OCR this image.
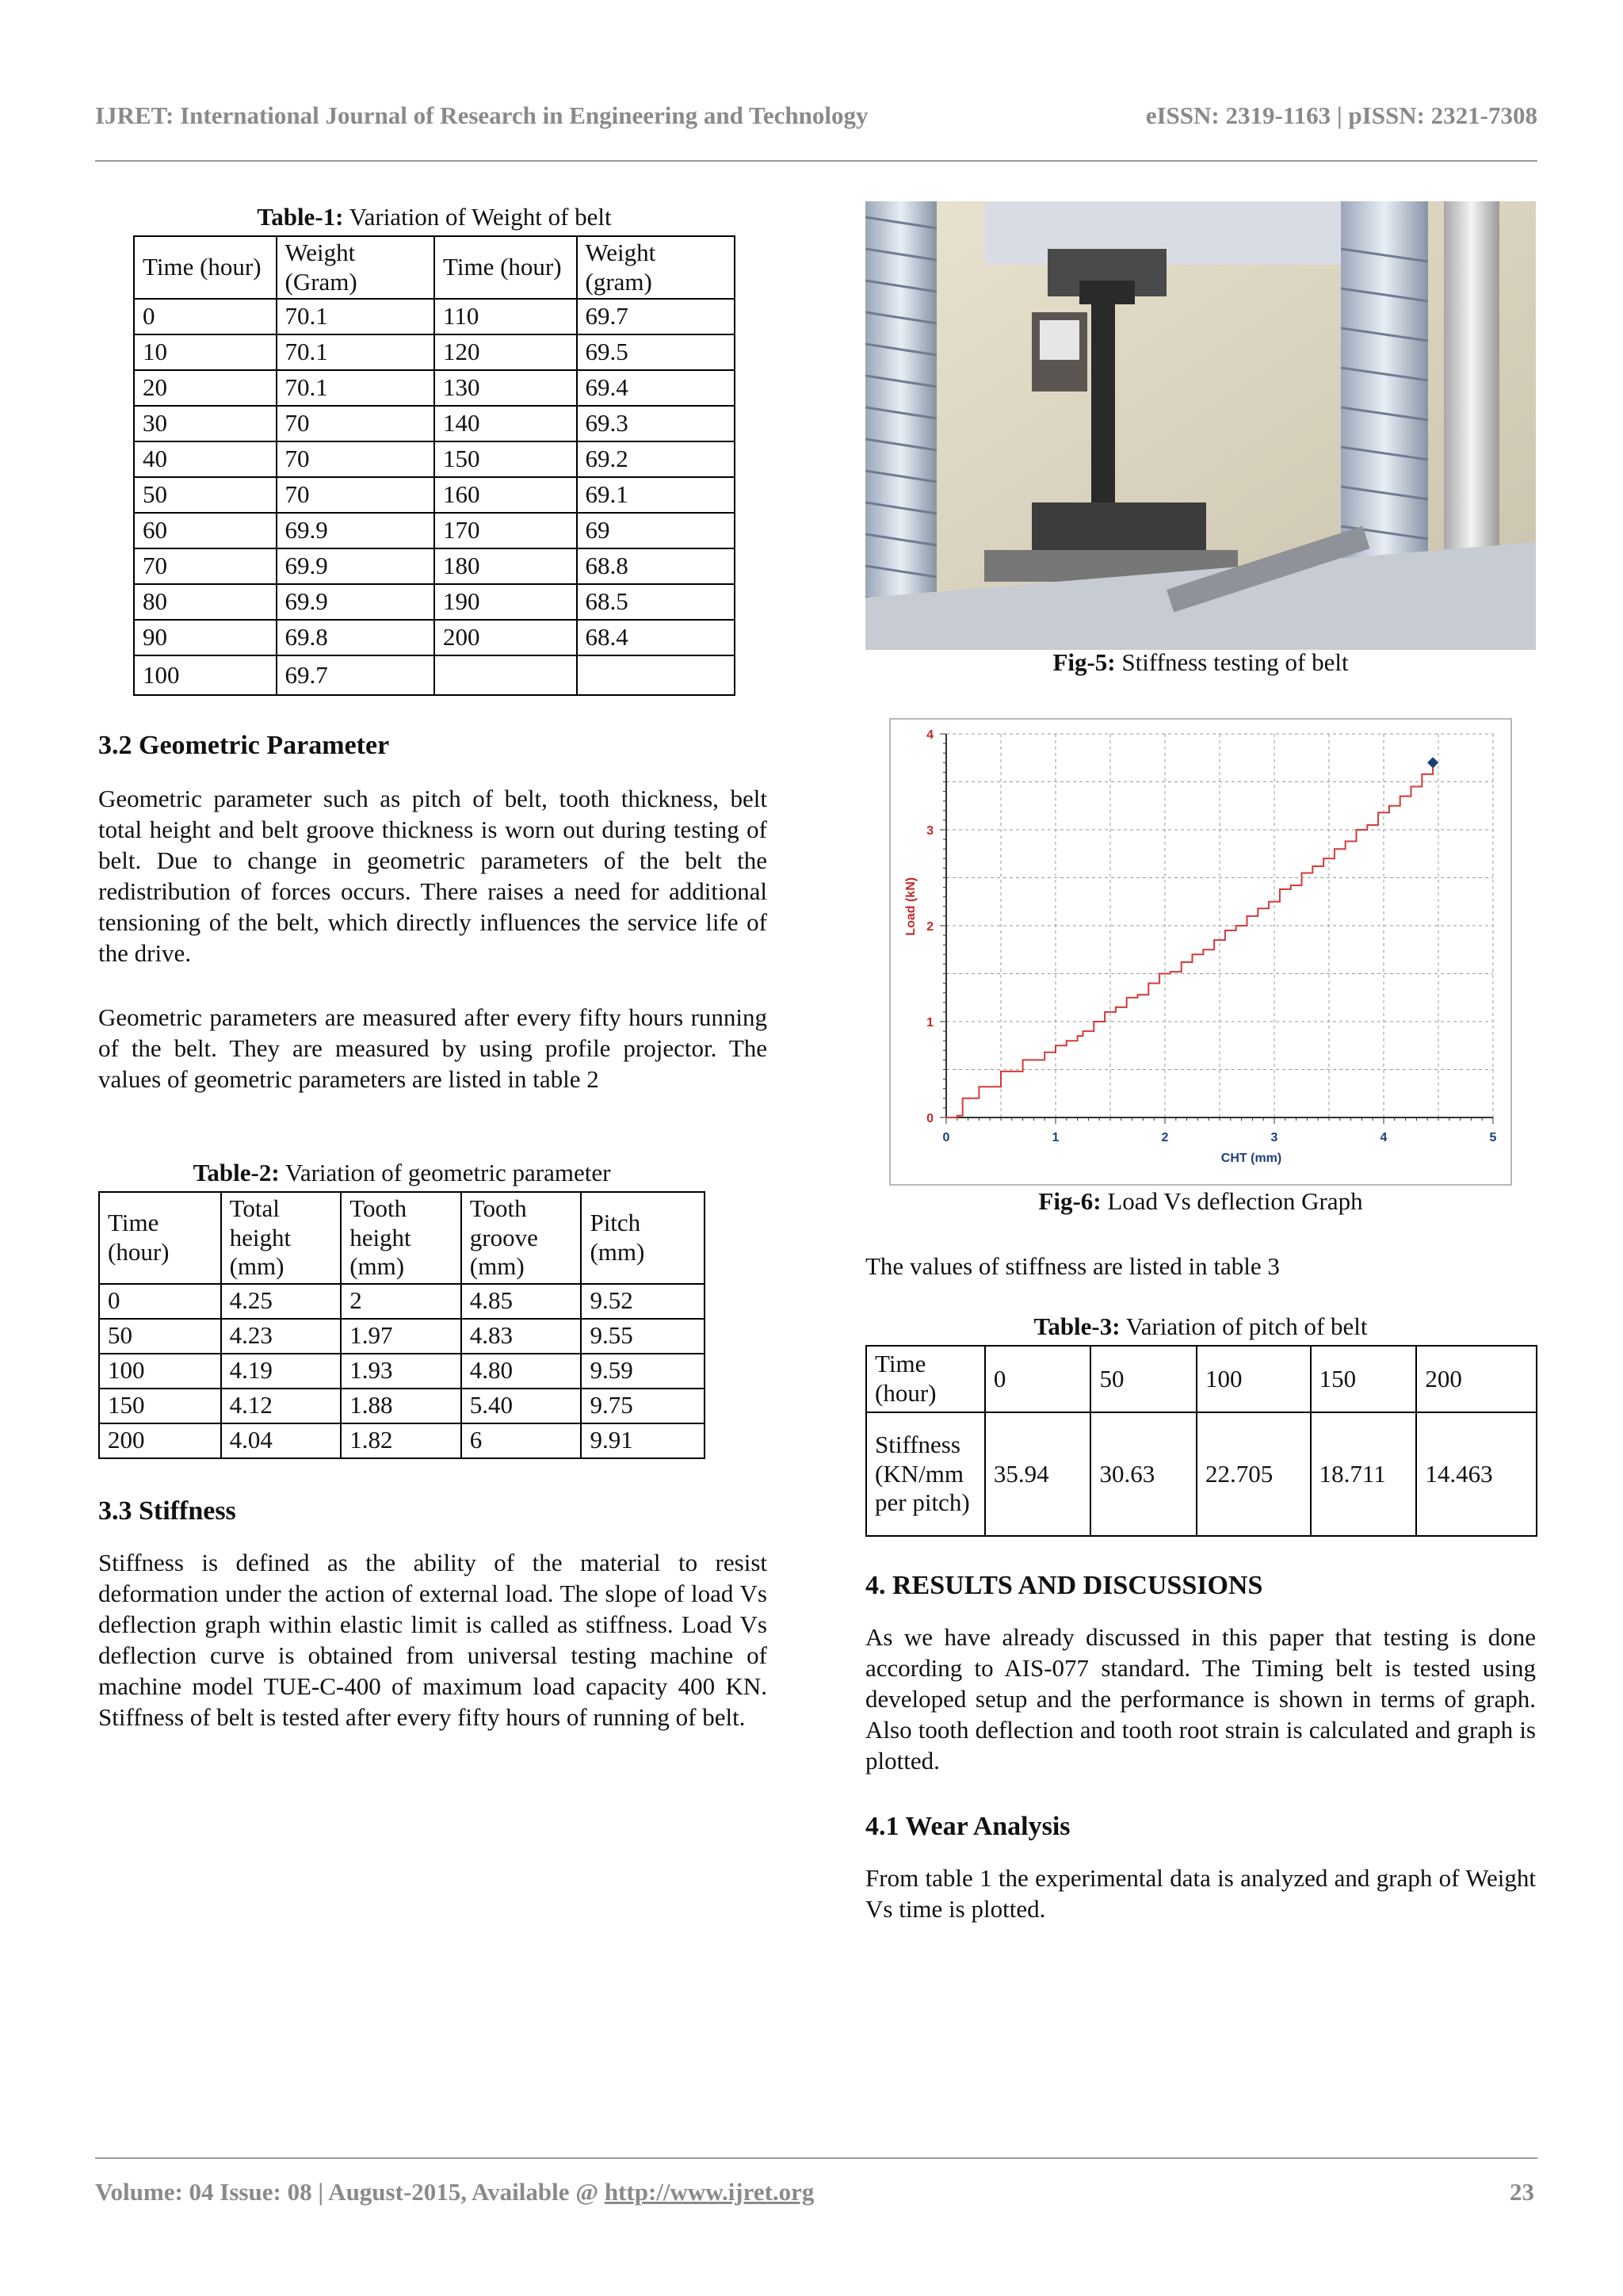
IJRET: International Journal of Research in Engineering and Technology	eISSN: 2319-1163 | pISSN: 2321-7308
Table-1: Variation of Weight of belt
Time (hour)	Weight (Gram)	Time (hour)	Weight (gram)
0	70.1	110	69.7
10	70.1	120	69.5
20	70.1	130	69.4
30	70	140	69.3
40	70	150	69.2
50	70	160	69.1
60	69.9	170	69
70	69.9	180	68.8
80	69.9	190	68.5
90	69.8	200	68.4
100	69.7		
3.2 Geometric Parameter
Geometric parameter such as pitch of belt, tooth thickness, belt total height and belt groove thickness is worn out during testing of belt. Due to change in geometric parameters of the belt the redistribution of forces occurs. There raises a need for additional tensioning of the belt, which directly influences the service life of the drive.
Geometric parameters are measured after every fifty hours running of the belt. They are measured by using profile projector. The values of geometric parameters are listed in table 2
Table-2: Variation of geometric parameter
Time (hour)	Total height (mm)	Tooth height (mm)	Tooth groove (mm)	Pitch (mm)
0	4.25	2	4.85	9.52
50	4.23	1.97	4.83	9.55
100	4.19	1.93	4.80	9.59
150	4.12	1.88	5.40	9.75
200	4.04	1.82	6	9.91
3.3 Stiffness
Stiffness is defined as the ability of the material to resist deformation under the action of external load. The slope of load Vs deflection graph within elastic limit is called as stiffness. Load Vs deflection curve is obtained from universal testing machine of machine model TUE-C-400 of maximum load capacity 400 KN. Stiffness of belt is tested after every fifty hours of running of belt.
Fig-5: Stiffness testing of belt
0	1	2	3	4	5
0
1
2
3
4
CHT (mm)
Load (kN)
Fig-6: Load Vs deflection Graph
The values of stiffness are listed in table 3
Table-3: Variation of pitch of belt
Time (hour)	0	50	100	150	200
Stiffness (KN/mm per pitch)	35.94	30.63	22.705	18.711	14.463
4. RESULTS AND DISCUSSIONS
As we have already discussed in this paper that testing is done according to AIS-077 standard. The Timing belt is tested using developed setup and the performance is shown in terms of graph. Also tooth deflection and tooth root strain is calculated and graph is plotted.
4.1 Wear Analysis
From table 1 the experimental data is analyzed and graph of Weight Vs time is plotted.
Volume: 04 Issue: 08 | August-2015, Available @ http://www.ijret.org	23
